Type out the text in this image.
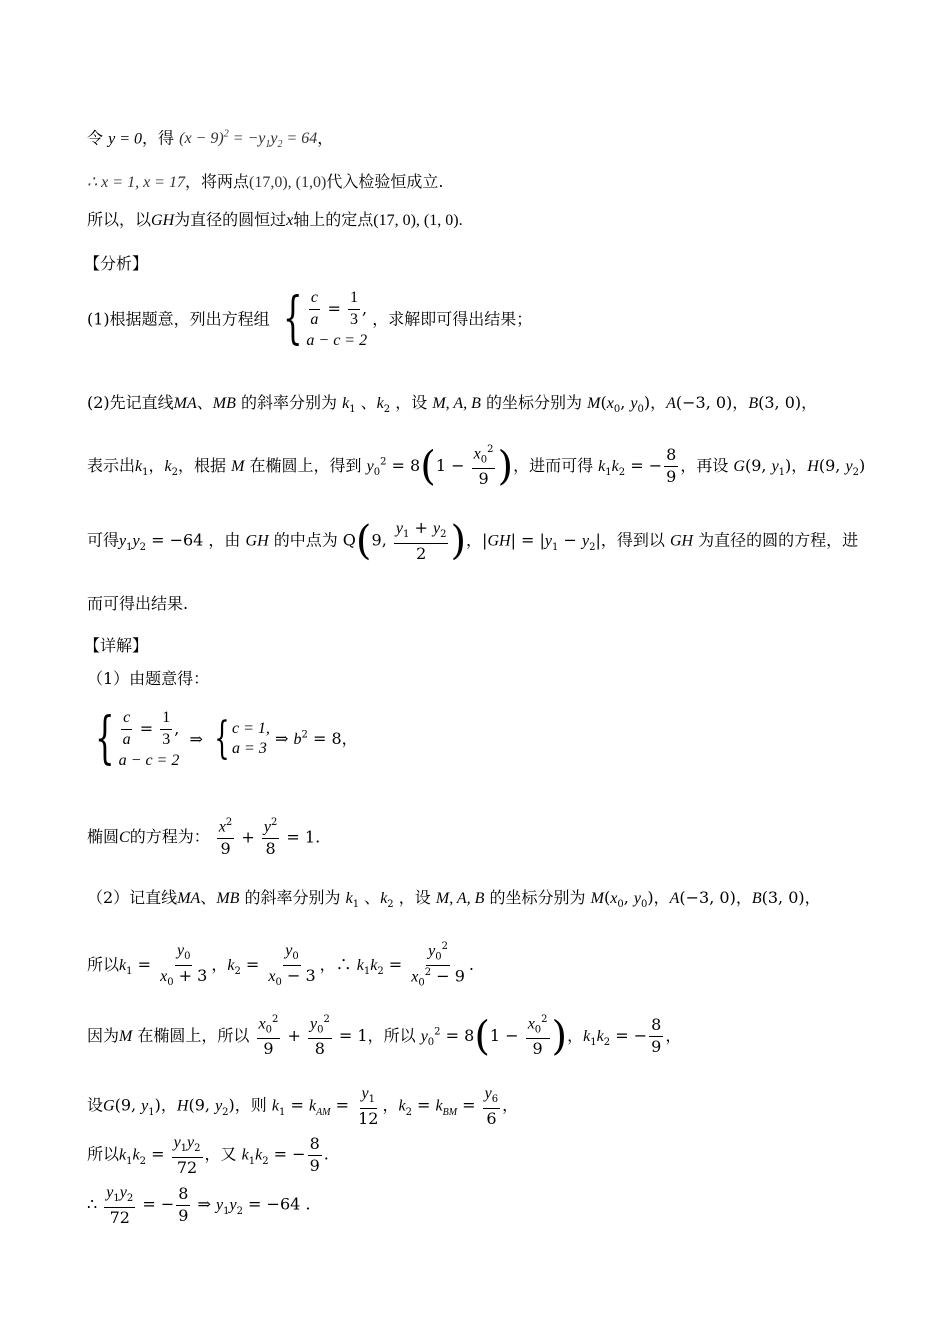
令 y = 0，得 $(x - 9)^2 = -y_1y_2 = 64$，
∴ x = 1, x = 17，将两点(17,0), (1,0)代入检验恒成立.
所以，以GH为直径的圆恒过x轴上的定点(17, 0), (1, 0).
【分析】
(1)根据题意，列出方程组 { $\frac{c}{a} = \frac{1}{3}$ ,
a − c = 2
，求解即可得出结果；
(2)先记直线MA、MB 的斜率分别为 $k_1$ 、$k_2$ ，设 M, A, B 的坐标分别为 $M(x_0$, $y_0$)，A(−3, 0)，B(3, 0)，
表示出$k_1$，$k_2$，根据 M 在椭圆上，得到 $y_0^2 = 8(1 - \frac{x_0^2}{9}$ )，进而可得 $k_1k_2$ = − $\frac{8}{9}$ ，再设 G(9, $y_1$)，H(9, $y_2$)
可得$y_1y_2 = -64$ ，由 GH 的中点为 Q(9, $\frac{y_1 + y_2}{2}$ )，$|GH| = |y_1 - y_2|$，得到以 GH 为直径的圆的方程，进
而可得出结果.
【详解】
（1）由题意得：
{ $\frac{c}{a} = \frac{1}{3}$ ,
a − c = 2
⇒ { c = 1,
a = 3
⇒ $b^2 = 8$，
椭圆C的方程为： $\frac{x^2}{9} + \frac{y^2}{8} = 1$.
（2）记直线MA、MB 的斜率分别为 $k_1$ 、$k_2$ ，设 M, A, B 的坐标分别为 $M(x_0$, $y_0$)，A(−3, 0)，B(3, 0)，
所以$k_1 = \frac{y_0}{x_0 + 3}$ ，$k_2 = \frac{y_0}{x_0 - 3}$ ，∴ $k_1k_2 = \frac{y_0^2}{x_0^2 - 9}$ .
因为M 在椭圆上，所以 $\frac{x_0^2}{9} + \frac{y_0^2}{8} = 1$，所以 $y_0^2 = 8(1 - \frac{x_0^2}{9}$ )，$k_1k_2$ = − $\frac{8}{9}$ ，
设G(9, $y_1$)，H(9, $y_2$)，则 $k_1 = k_{AM} = \frac{y_1}{12}$ ，$k_2 = k_{BM} = \frac{y_6}{6}$ ，
所以$k_1k_2 = \frac{y_1y_2}{72}$ ，又 $k_1k_2$ = − $\frac{8}{9}$ .
∴ $\frac{y_1y_2}{72}$ = − $\frac{8}{9}$ ⇒ $y_1y_2 = -64$ .
